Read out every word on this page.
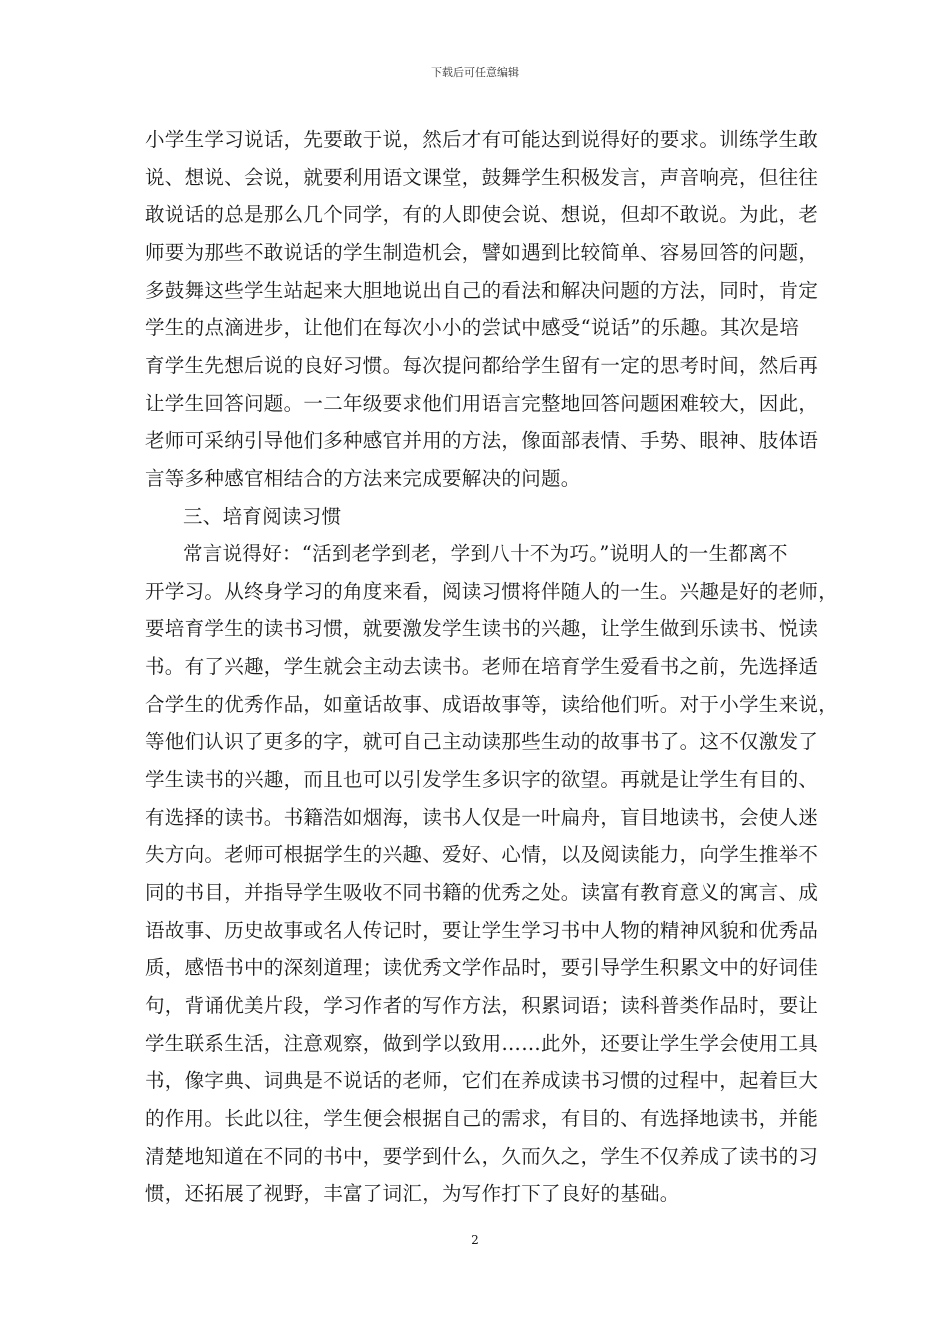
下载后可任意编辑
小学生学习说话，先要敢于说，然后才有可能达到说得好的要求。训练学生敢
说、想说、会说，就要利用语文课堂，鼓舞学生积极发言，声音响亮，但往往
敢说话的总是那么几个同学，有的人即使会说、想说，但却不敢说。为此，老
师要为那些不敢说话的学生制造机会，譬如遇到比较简单、容易回答的问题，
多鼓舞这些学生站起来大胆地说出自己的看法和解决问题的方法，同时，肯定
学生的点滴进步，让他们在每次小小的尝试中感受“说话”的乐趣。其次是培
育学生先想后说的良好习惯。每次提问都给学生留有一定的思考时间，然后再
让学生回答问题。一二年级要求他们用语言完整地回答问题困难较大，因此，
老师可采纳引导他们多种感官并用的方法，像面部表情、手势、眼神、肢体语
言等多种感官相结合的方法来完成要解决的问题。
三、培育阅读习惯
常言说得好：“活到老学到老，学到八十不为巧。”说明人的一生都离不
开学习。从终身学习的角度来看，阅读习惯将伴随人的一生。兴趣是好的老师，
要培育学生的读书习惯，就要激发学生读书的兴趣，让学生做到乐读书、悦读
书。有了兴趣，学生就会主动去读书。老师在培育学生爱看书之前，先选择适
合学生的优秀作品，如童话故事、成语故事等，读给他们听。对于小学生来说，
等他们认识了更多的字，就可自己主动读那些生动的故事书了。这不仅激发了
学生读书的兴趣，而且也可以引发学生多识字的欲望。再就是让学生有目的、
有选择的读书。书籍浩如烟海，读书人仅是一叶扁舟，盲目地读书，会使人迷
失方向。老师可根据学生的兴趣、爱好、心情，以及阅读能力，向学生推举不
同的书目，并指导学生吸收不同书籍的优秀之处。读富有教育意义的寓言、成
语故事、历史故事或名人传记时，要让学生学习书中人物的精神风貌和优秀品
质，感悟书中的深刻道理；读优秀文学作品时，要引导学生积累文中的好词佳
句，背诵优美片段，学习作者的写作方法，积累词语；读科普类作品时，要让
学生联系生活，注意观察，做到学以致用……此外，还要让学生学会使用工具
书，像字典、词典是不说话的老师，它们在养成读书习惯的过程中，起着巨大
的作用。长此以往，学生便会根据自己的需求，有目的、有选择地读书，并能
清楚地知道在不同的书中，要学到什么，久而久之，学生不仅养成了读书的习
惯，还拓展了视野，丰富了词汇，为写作打下了良好的基础。
2
